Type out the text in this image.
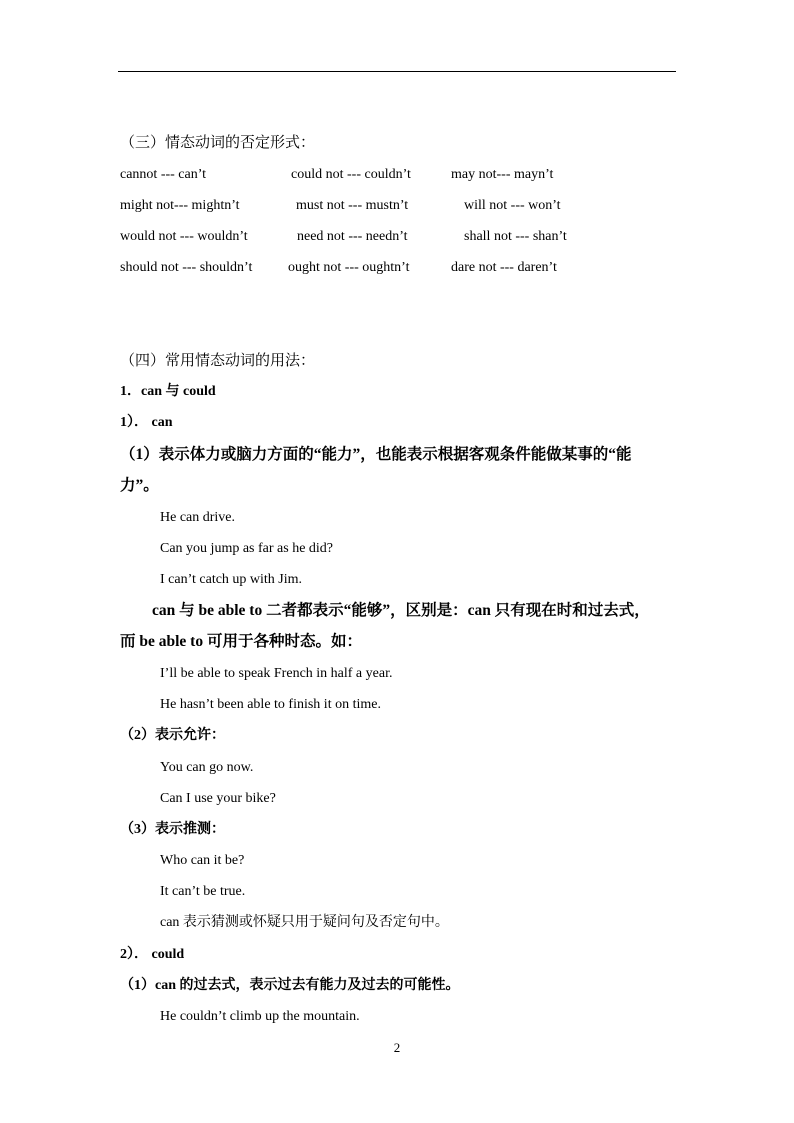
（三）情态动词的否定形式：
cannot --- can’t	could not --- couldn’t	may not--- mayn’t
might not--- mightn’t	must not --- mustn’t	will not --- won’t
would not --- wouldn’t	need not --- needn’t	shall not --- shan’t
should not --- shouldn’t	ought not --- oughtn’t	dare not --- daren’t
（四）常用情态动词的用法：
1．can 与 could
1）． can
（1）表示体力或脑力方面的“能力”，也能表示根据客观条件能做某事的“能
力”。
He can drive.
Can you jump as far as he did?
I can’t catch up with Jim.
can 与 be able to 二者都表示“能够”，区别是：can 只有现在时和过去式，
而 be able to 可用于各种时态。如：
I’ll be able to speak French in half a year.
He hasn’t been able to finish it on time.
（2）表示允许：
You can go now.
Can I use your bike?
（3）表示推测：
Who can it be?
It can’t be true.
can 表示猜测或怀疑只用于疑问句及否定句中。
2）． could
（1）can 的过去式，表示过去有能力及过去的可能性。
He couldn’t climb up the mountain.
2
